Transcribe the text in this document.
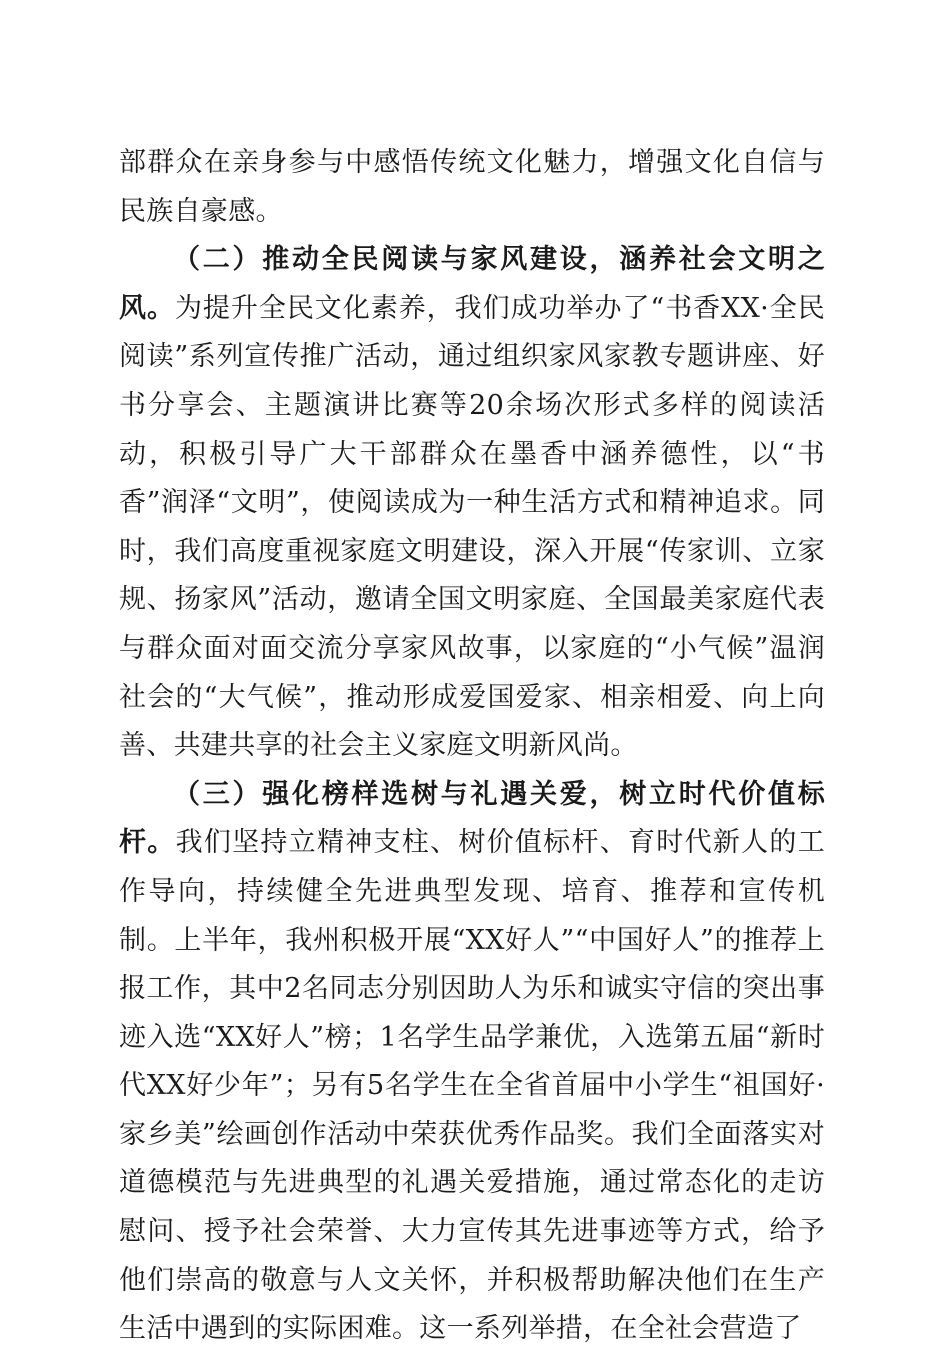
部群众在亲身参与中感悟传统文化魅力，增强文化自信与民族自豪感。

（二）推动全民阅读与家风建设，涵养社会文明之风。为提升全民文化素养，我们成功举办了“书香XX·全民阅读”系列宣传推广活动，通过组织家风家教专题讲座、好书分享会、主题演讲比赛等20余场次形式多样的阅读活动，积极引导广大干部群众在墨香中涵养德性，以“书香”润泽“文明”，使阅读成为一种生活方式和精神追求。同时，我们高度重视家庭文明建设，深入开展“传家训、立家规、扬家风”活动，邀请全国文明家庭、全国最美家庭代表与群众面对面交流分享家风故事，以家庭的“小气候”温润社会的“大气候”，推动形成爱国爱家、相亲相爱、向上向善、共建共享的社会主义家庭文明新风尚。

（三）强化榜样选树与礼遇关爱，树立时代价值标杆。我们坚持立精神支柱、树价值标杆、育时代新人的工作导向，持续健全先进典型发现、培育、推荐和宣传机制。上半年，我州积极开展“XX好人”“中国好人”的推荐上报工作，其中2名同志分别因助人为乐和诚实守信的突出事迹入选“XX好人”榜；1名学生品学兼优，入选第五届“新时代XX好少年”；另有5名学生在全省首届中小学生“祖国好·家乡美”绘画创作活动中荣获优秀作品奖。我们全面落实对道德模范与先进典型的礼遇关爱措施，通过常态化的走访慰问、授予社会荣誉、大力宣传其先进事迹等方式，给予他们崇高的敬意与人文关怀，并积极帮助解决他们在生产生活中遇到的实际困难。这一系列举措，在全社会营造了
